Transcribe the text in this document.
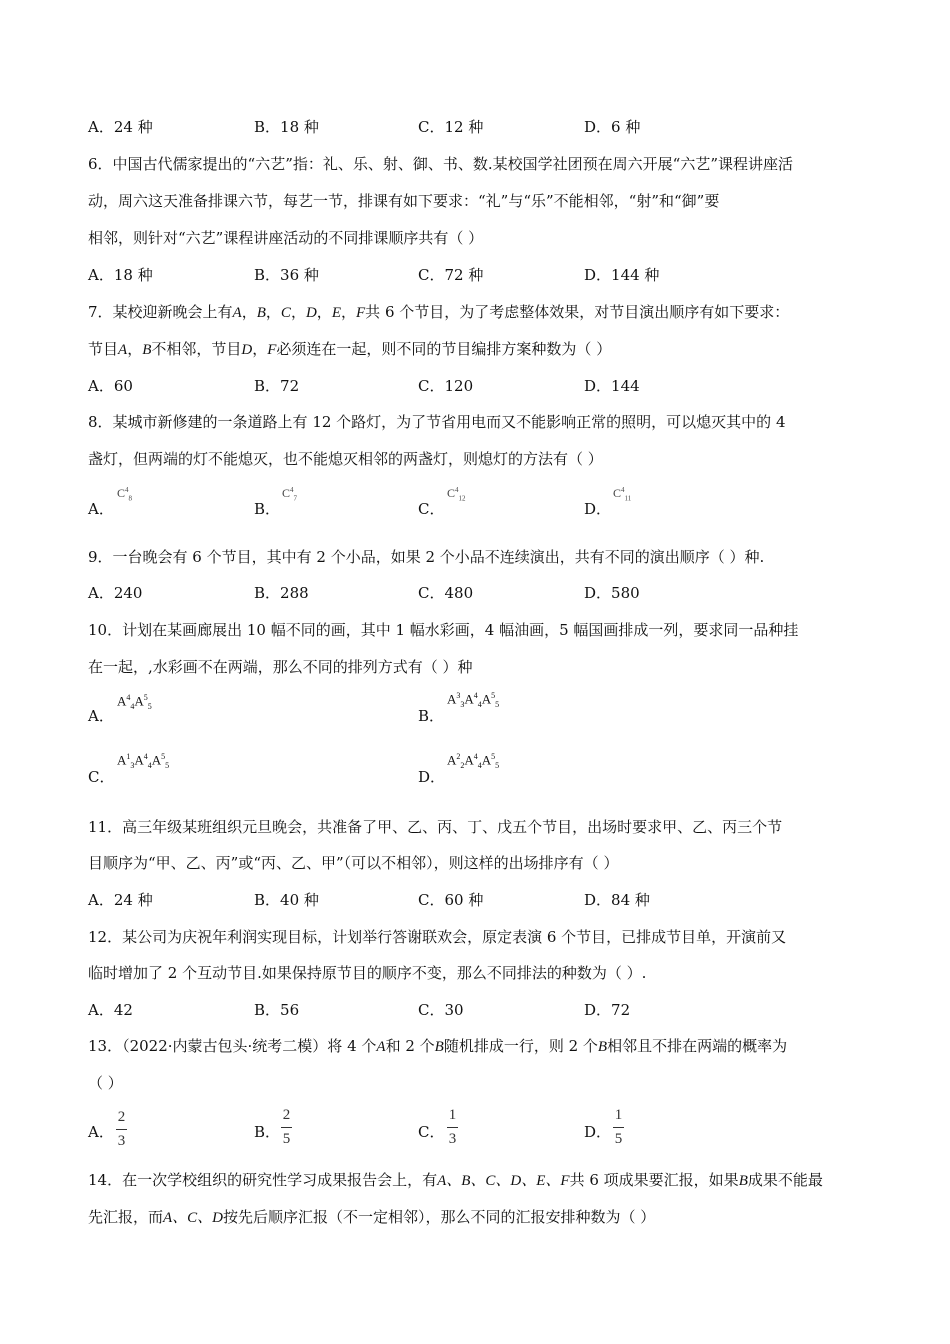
A．24 种	B．18 种	C．12 种	D．6 种
6．中国古代儒家提出的“六艺”指：礼、乐、射、御、书、数.某校国学社团预在周六开展“六艺”课程讲座活
动，周六这天准备排课六节，每艺一节，排课有如下要求：“礼”与“乐”不能相邻，“射”和“御”要
相邻，则针对“六艺”课程讲座活动的不同排课顺序共有（ ）
A．18 种	B．36 种	C．72 种	D．144 种
7．某校迎新晚会上有A，B，C，D，E，F共 6 个节目，为了考虑整体效果，对节目演出顺序有如下要求：
节目A，B不相邻，节目D，F必须连在一起，则不同的节目编排方案种数为（ ）
A．60	B．72	C．120	D．144
8．某城市新修建的一条道路上有 12 个路灯，为了节省用电而又不能影响正常的照明，可以熄灭其中的 4
盏灯，但两端的灯不能熄灭，也不能熄灭相邻的两盏灯，则熄灯的方法有（ ）
A．
$C^4_8$
B．
$C^4_7$
C．
$C^4_{12}$
D．
$C^4_{11}$
9．一台晚会有 6 个节目，其中有 2 个小品，如果 2 个小品不连续演出，共有不同的演出顺序（ ）种.
A．240	B．288	C．480	D．580
10．计划在某画廊展出 10 幅不同的画，其中 1 幅水彩画，4 幅油画，5 幅国画排成一列，要求同一品种挂
在一起，,水彩画不在两端，那么不同的排列方式有（ ）种
A．
$A^4_4A^5_5$
B．
$A^3_3A^4_4A^5_5$
C．
$A^1_3A^4_4A^5_5$
D．
$A^2_2A^4_4A^5_5$
11．高三年级某班组织元旦晚会，共准备了甲、乙、丙、丁、戊五个节目，出场时要求甲、乙、丙三个节
目顺序为“甲、乙、丙”或“丙、乙、甲”（可以不相邻），则这样的出场排序有（ ）
A．24 种	B．40 种	C．60 种	D．84 种
12．某公司为庆祝年利润实现目标，计划举行答谢联欢会，原定表演 6 个节目，已排成节目单，开演前又
临时增加了 2 个互动节目.如果保持原节目的顺序不变，那么不同排法的种数为（ ）.
A．42	B．56	C．30	D．72
13．（2022·内蒙古包头·统考二模）将 4 个A和 2 个B随机排成一行，则 2 个B相邻且不排在两端的概率为
（ ）
A．
2
3	B．
2
5	C．
1
3	D．
1
5
14．在一次学校组织的研究性学习成果报告会上，有A、B、C、D、E、F共 6 项成果要汇报，如果B成果不能最
先汇报，而A、C、D按先后顺序汇报（不一定相邻），那么不同的汇报安排种数为（ ）
